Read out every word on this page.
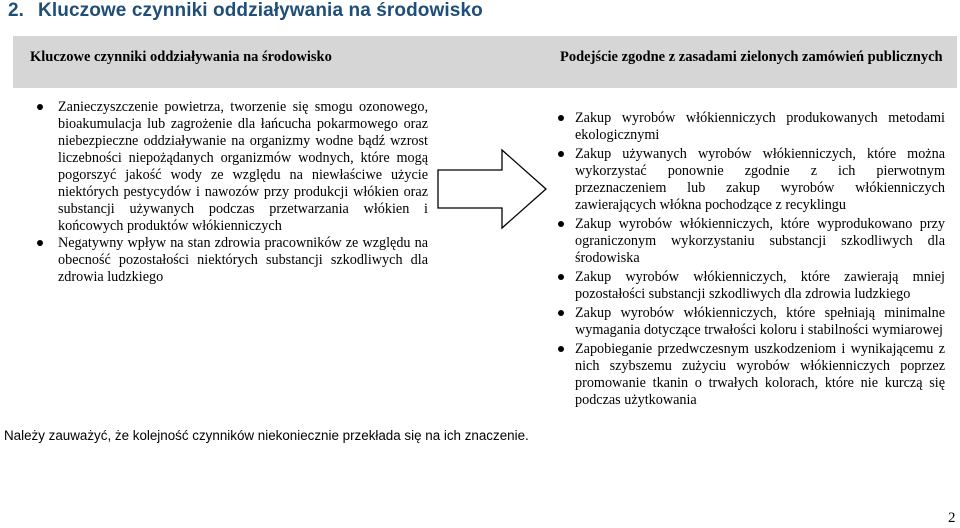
2. Kluczowe czynniki oddziaływania na środowisko
Kluczowe czynniki oddziaływania na środowisko	Podejście zgodne z zasadami zielonych zamówień publicznych

Zanieczyszczenie powietrza, tworzenie się smogu ozonowego, bioakumulacja lub zagrożenie dla łańcucha pokarmowego oraz niebezpieczne oddziaływanie na organizmy wodne bądź wzrost liczebności niepożądanych organizmów wodnych, które mogą pogorszyć jakość wody ze względu na niewłaściwe użycie niektórych pestycydów i nawozów przy produkcji włókien oraz substancji używanych podczas przetwarzania włókien i końcowych produktów włókienniczych

Negatywny wpływ na stan zdrowia pracowników ze względu na obecność pozostałości niektórych substancji szkodliwych dla zdrowia ludzkiego

Zakup wyrobów włókienniczych produkowanych metodami ekologicznymi

Zakup używanych wyrobów włókienniczych, które można wykorzystać ponownie zgodnie z ich pierwotnym przeznaczeniem lub zakup wyrobów włókienniczych zawierających włókna pochodzące z recyklingu

Zakup wyrobów włókienniczych, które wyprodukowano przy ograniczonym wykorzystaniu substancji szkodliwych dla środowiska

Zakup wyrobów włókienniczych, które zawierają mniej pozostałości substancji szkodliwych dla zdrowia ludzkiego

Zakup wyrobów włókienniczych, które spełniają minimalne wymagania dotyczące trwałości koloru i stabilności wymiarowej

Zapobieganie przedwczesnym uszkodzeniom i wynikającemu z nich szybszemu zużyciu wyrobów włókienniczych poprzez promowanie tkanin o trwałych kolorach, które nie kurczą się podczas użytkowania

Należy zauważyć, że kolejność czynników niekoniecznie przekłada się na ich znaczenie.
2
